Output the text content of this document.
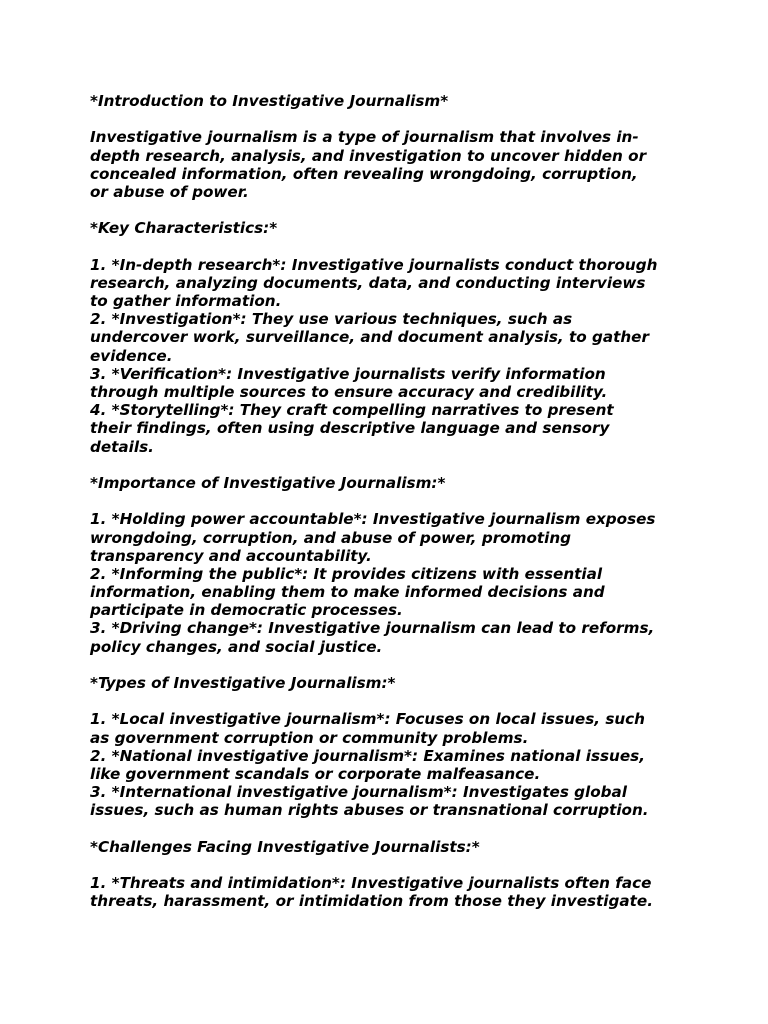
*Introduction to Investigative Journalism*
Investigative journalism is a type of journalism that involves in-
depth research, analysis, and investigation to uncover hidden or
concealed information, often revealing wrongdoing, corruption,
or abuse of power.
*Key Characteristics:*
1. *In-depth research*: Investigative journalists conduct thorough
research, analyzing documents, data, and conducting interviews
to gather information.
2. *Investigation*: They use various techniques, such as
undercover work, surveillance, and document analysis, to gather
evidence.
3. *Verification*: Investigative journalists verify information
through multiple sources to ensure accuracy and credibility.
4. *Storytelling*: They craft compelling narratives to present
their findings, often using descriptive language and sensory
details.
*Importance of Investigative Journalism:*
1. *Holding power accountable*: Investigative journalism exposes
wrongdoing, corruption, and abuse of power, promoting
transparency and accountability.
2. *Informing the public*: It provides citizens with essential
information, enabling them to make informed decisions and
participate in democratic processes.
3. *Driving change*: Investigative journalism can lead to reforms,
policy changes, and social justice.
*Types of Investigative Journalism:*
1. *Local investigative journalism*: Focuses on local issues, such
as government corruption or community problems.
2. *National investigative journalism*: Examines national issues,
like government scandals or corporate malfeasance.
3. *International investigative journalism*: Investigates global
issues, such as human rights abuses or transnational corruption.
*Challenges Facing Investigative Journalists:*
1. *Threats and intimidation*: Investigative journalists often face
threats, harassment, or intimidation from those they investigate.
